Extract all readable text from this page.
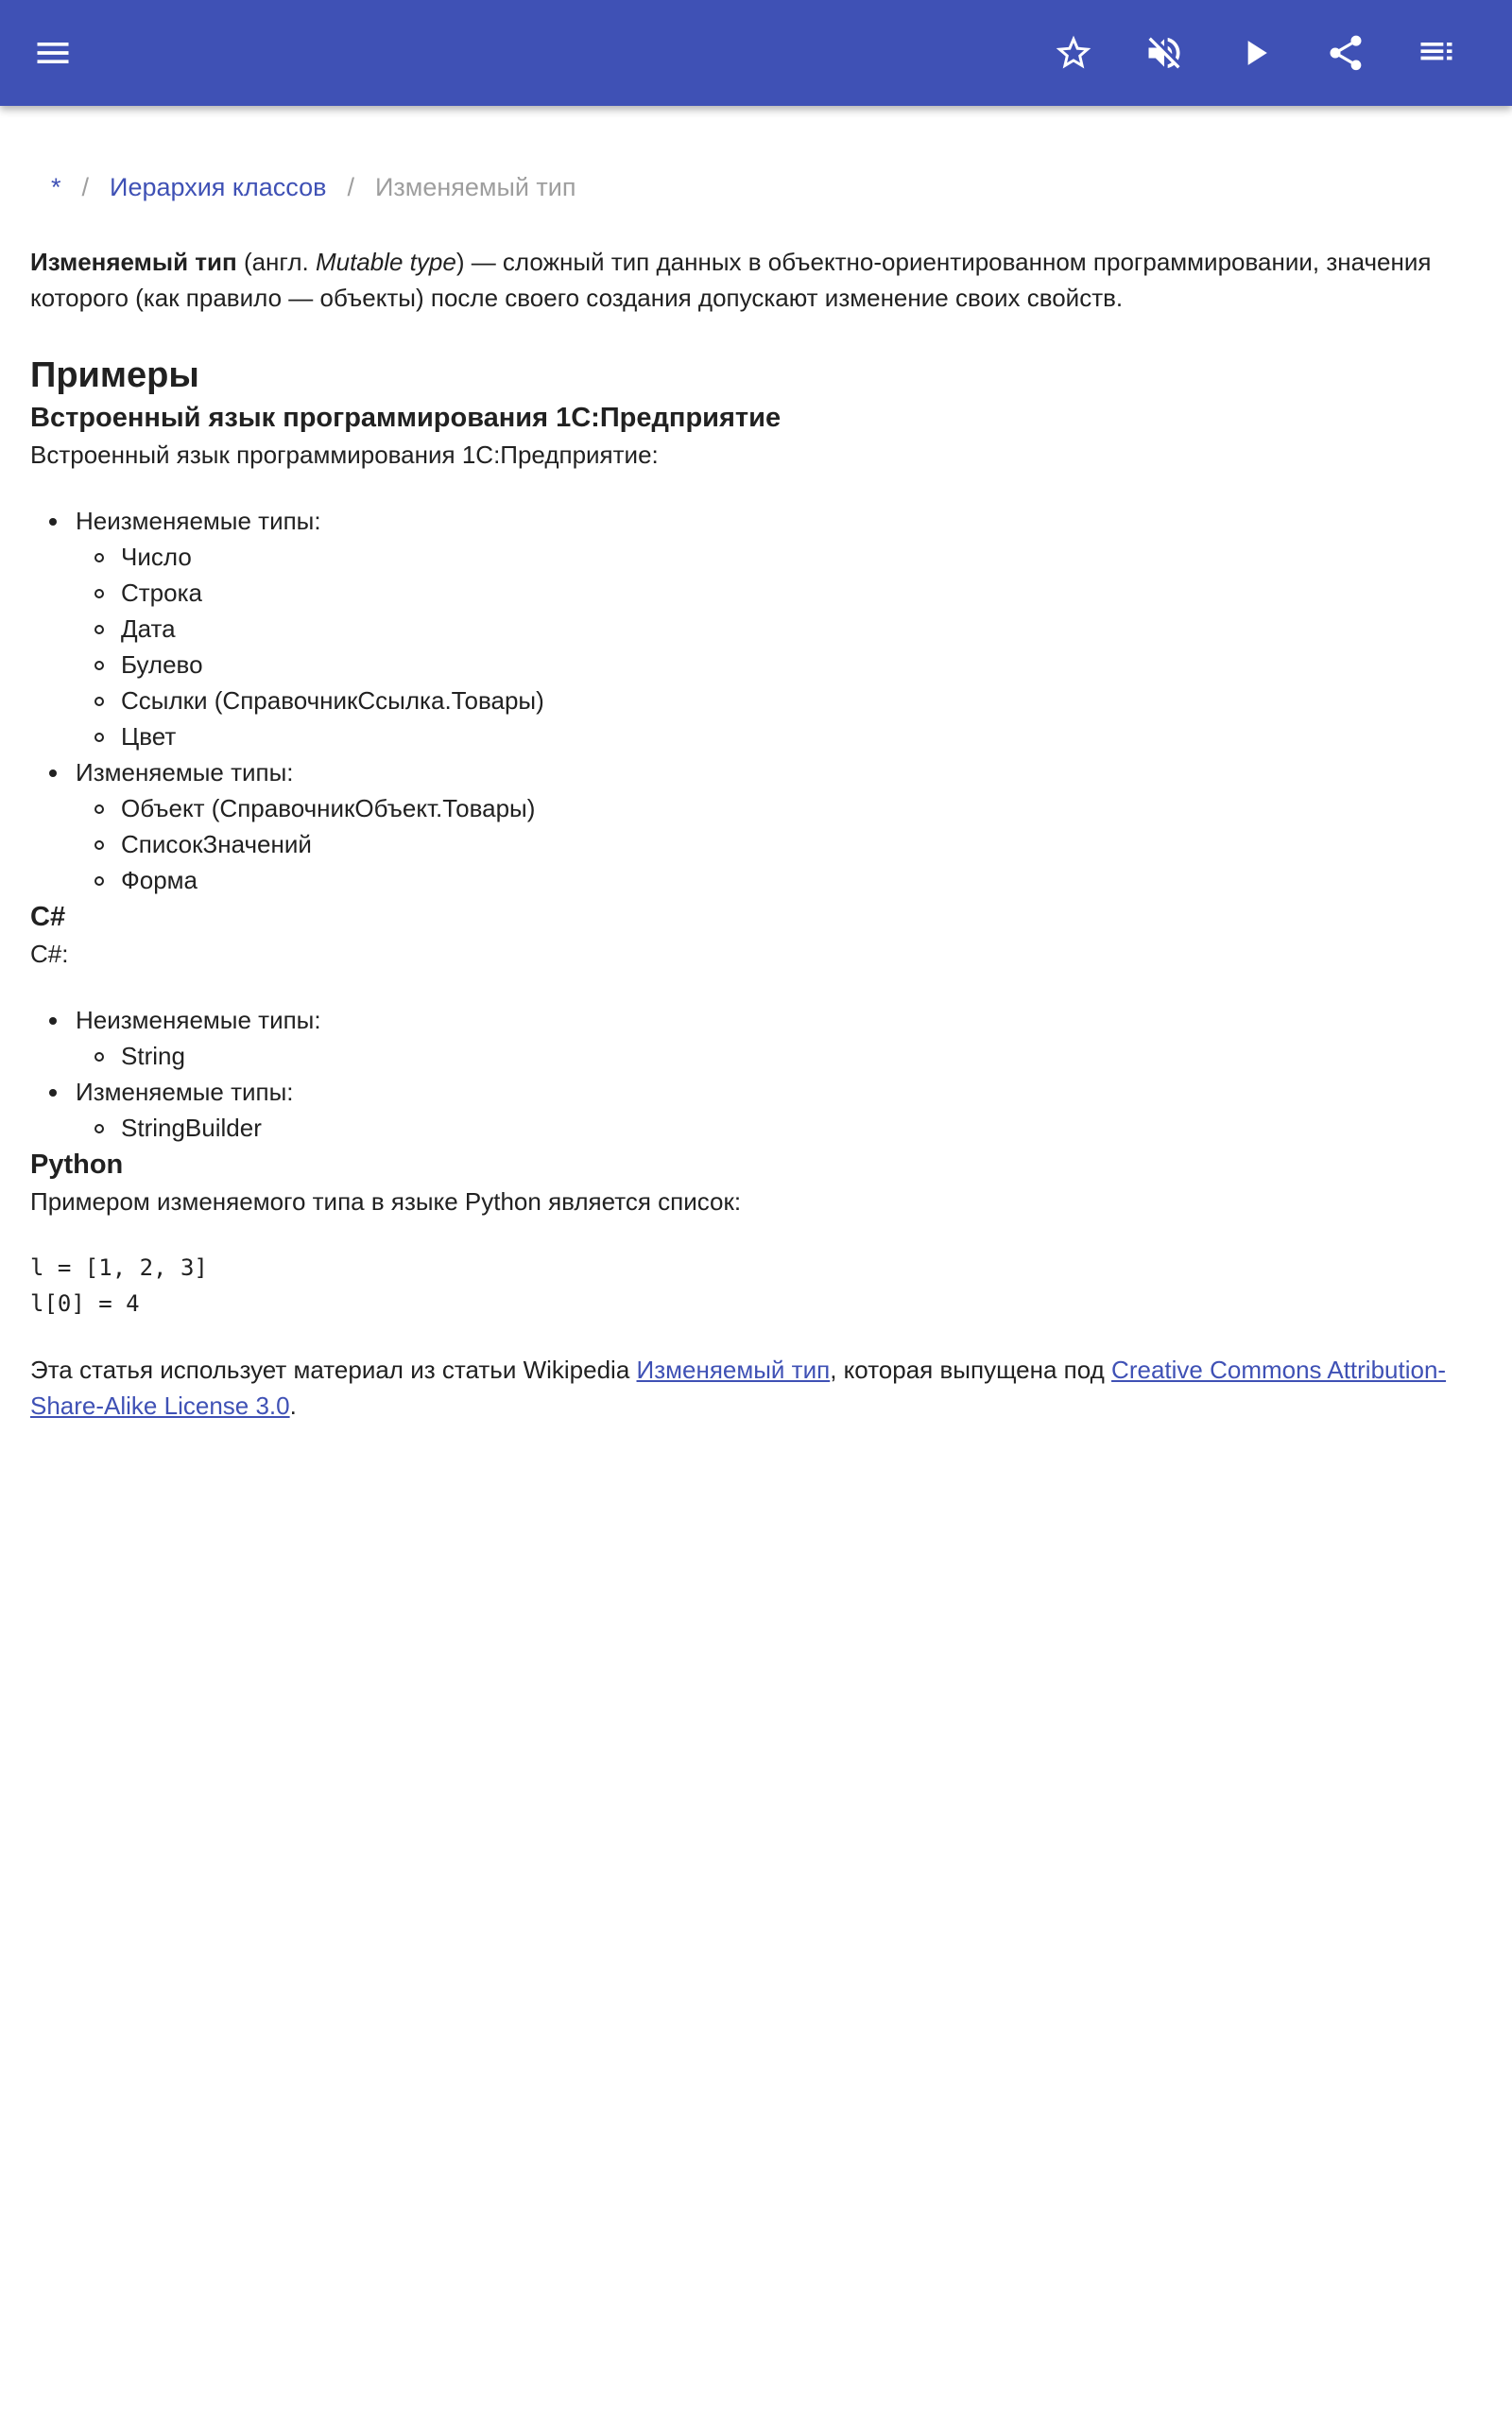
* / Иерархия классов / Изменяемый тип

Изменяемый тип (англ. Mutable type) — сложный тип данных в объектно-ориентированном программировании, значения которого (как правило — объекты) после своего создания допускают изменение своих свойств.

Примеры
Встроенный язык программирования 1С:Предприятие

Встроенный язык программирования 1С:Предприятие:

Неизменяемые типы:
Число
Строка
Дата
Булево
Ссылки (СправочникСсылка.Товары)
Цвет
Изменяемые типы:
Объект (СправочникОбъект.Товары)
СписокЗначений
Форма
C#

C#:

Неизменяемые типы:
String
Изменяемые типы:
StringBuilder
Python

Примером изменяемого типа в языке Python является список:

l = [1, 2, 3]
l[0] = 4

Эта статья использует материал из статьи Wikipedia Изменяемый тип, которая выпущена под Creative Commons Attribution-Share-Alike License 3.0.
